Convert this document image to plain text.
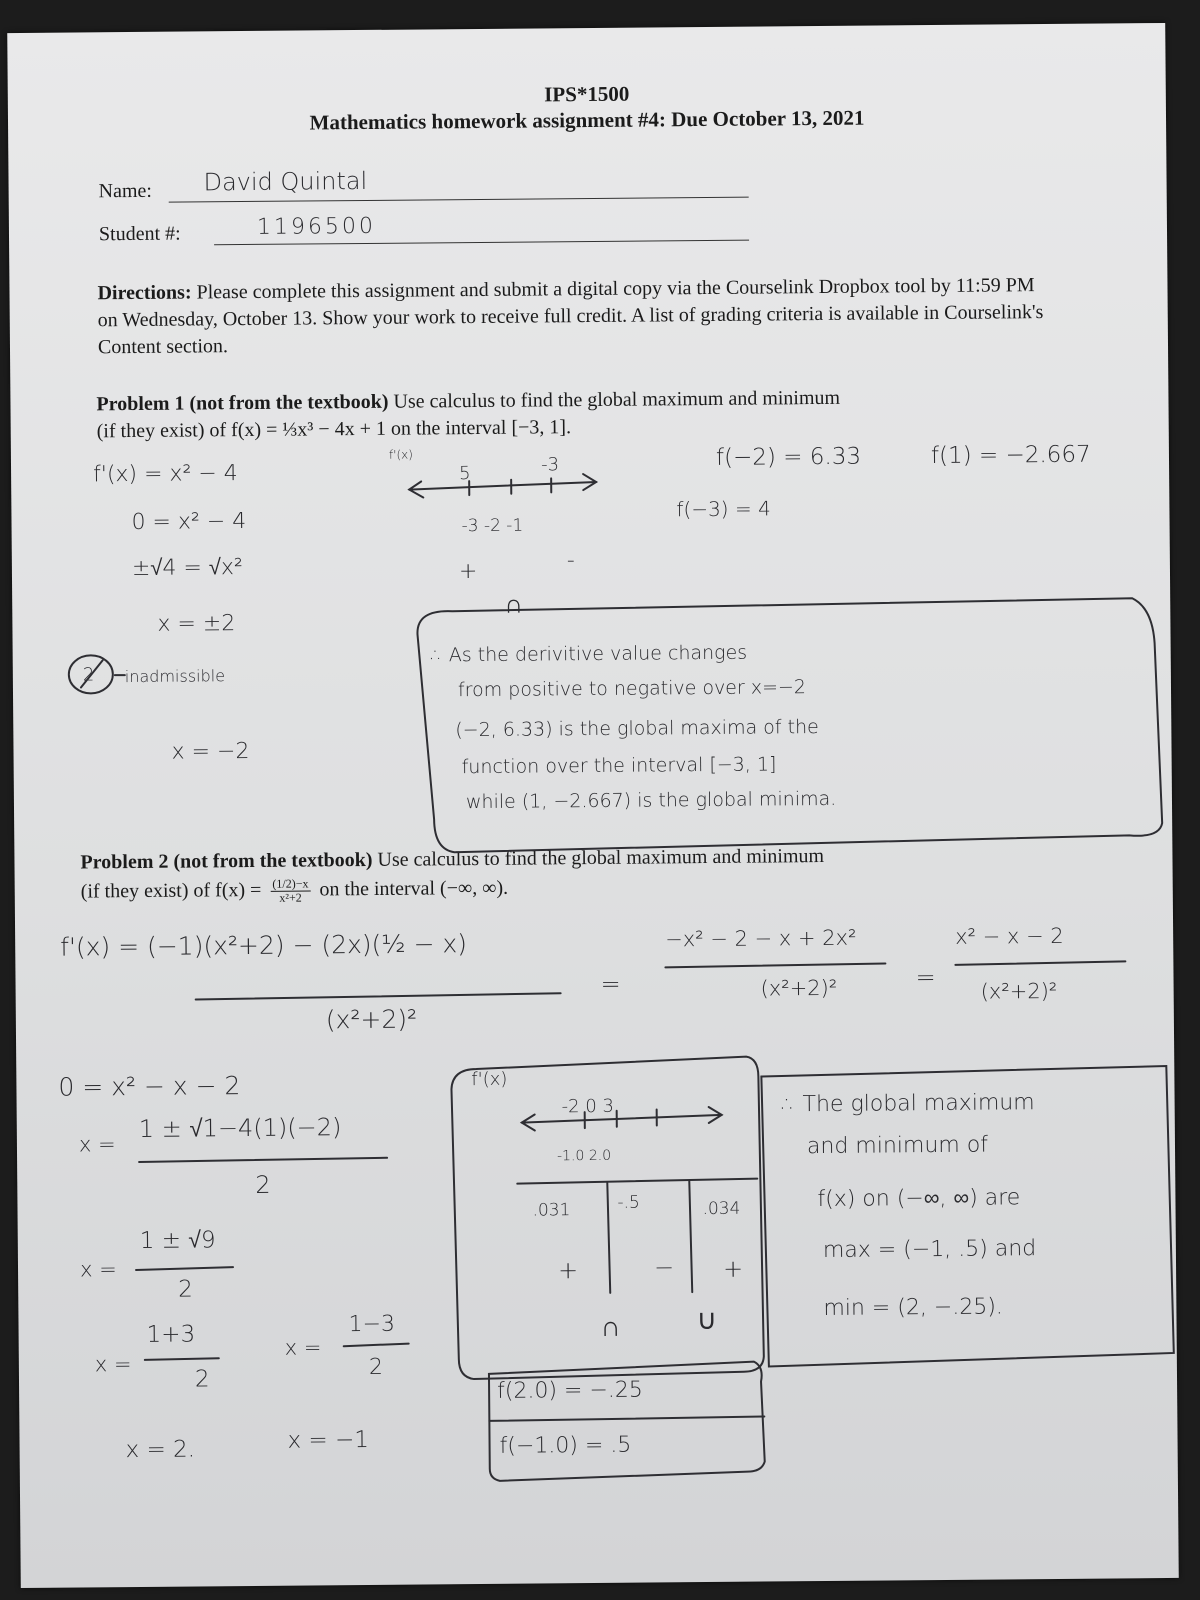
IPS*1500
Mathematics homework assignment #4: Due October 13, 2021
Name: David Quintal
Student #:	1196500
Directions: Please complete this assignment and submit a digital copy via the Courselink Dropbox tool by 11:59 PM on Wednesday, October 13. Show your work to receive full credit. A list of grading criteria is available in Courselink's Content section.
Problem 1 (not from the textbook) Use calculus to find the global maximum and minimum
(if they exist) of f(x) = ⅓x³ − 4x + 1 on the interval [−3, 1].
f'(x) = x² − 4
0 = x² − 4
±√4 = √x²
x = ±2
inadmissible
x = −2
f(−2) = 6.33	f(1) = −2.667
f(−3) = 4
f'(x)
5	-3
-3 -2 -1
+	-
∩
2
∴ As the derivitive value changes
from positive to negative over x=−2
(−2, 6.33) is the global maxima of the
function over the interval [−3, 1]
while (1, −2.667) is the global minima.
Problem 2 (not from the textbook) Use calculus to find the global maximum and minimum
(if they exist) of $f(x) = \frac{(1/2)-x}{\text{x²+2}}$ on the interval (−∞, ∞).
f'(x) = (−1)(x²+2) − (2x)(½ − x)
(x²+2)²
=
−x² − 2 − x + 2x²
(x²+2)²	=
x² − x − 2
(x²+2)²
0 = x² − x − 2
x =
1 ± √1−4(1)(−2)
2
x =
1 ± √9
2
x =
1+3
2
x =
1−3
2
x = 2.	x = −1
f'(x)
-2 0 3
-1.0 2.0
.031	-.5	.034
+	− +
∩	∪
f(2.0) = −.25
f(−1.0) = .5
∴ The global maximum
and minimum of
f(x) on (−∞, ∞) are
max = (−1, .5) and
min = (2, −.25).
